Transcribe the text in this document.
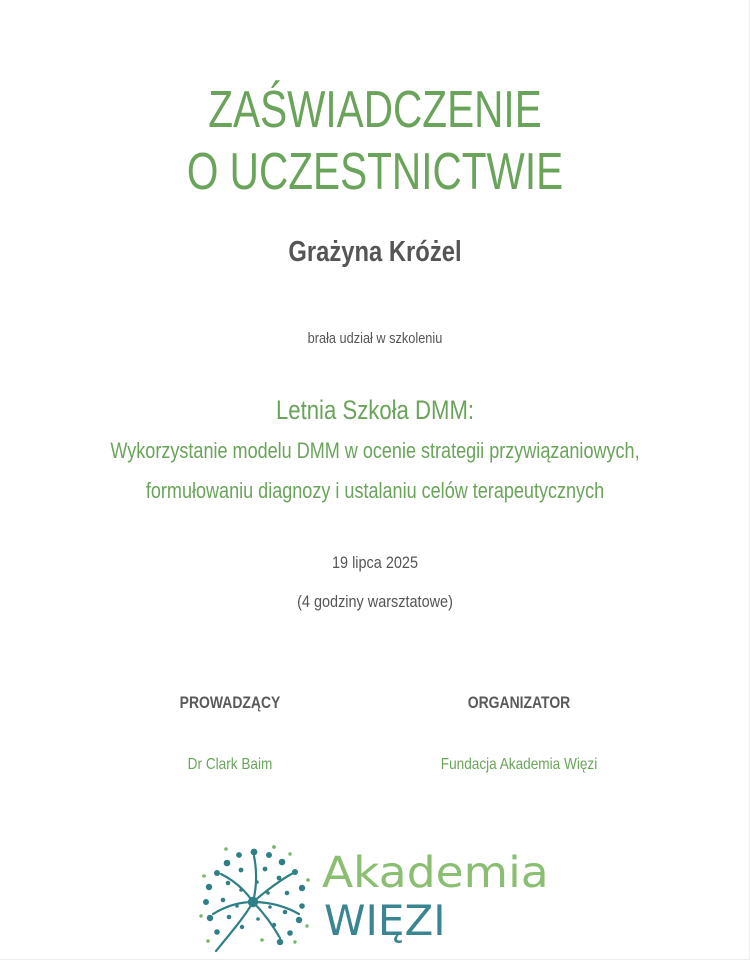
ZAŚWIADCZENIE
O UCZESTNICTWIE
Grażyna Króżel
brała udział w szkoleniu
Letnia Szkoła DMM:
Wykorzystanie modelu DMM w ocenie strategii przywiązaniowych,
formułowaniu diagnozy i ustalaniu celów terapeutycznych
19 lipca 2025
(4 godziny warsztatowe)
PROWADZĄCY
Dr Clark Baim
ORGANIZATOR
Fundacja Akademia Więzi
Akademia
WIĘZI
